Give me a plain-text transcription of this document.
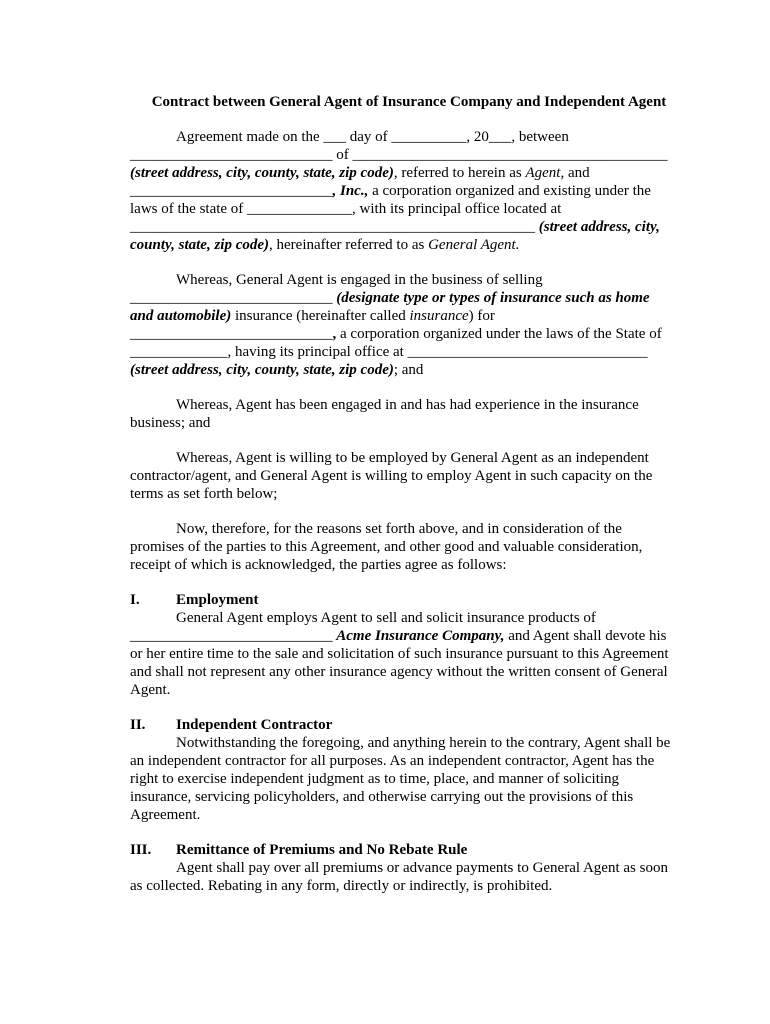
Contract between General Agent of Insurance Company and Independent Agent

Agreement made on the ___ day of __________, 20___, between
___________________________ of __________________________________________
(street address, city, county, state, zip code), referred to herein as Agent, and
___________________________, Inc., a corporation organized and existing under the
laws of the state of ______________, with its principal office located at
______________________________________________________ (street address, city,
county, state, zip code), hereinafter referred to as General Agent.

Whereas, General Agent is engaged in the business of selling
___________________________ (designate type or types of insurance such as home
and automobile) insurance (hereinafter called insurance) for
___________________________, a corporation organized under the laws of the State of
_____________, having its principal office at ________________________________
(street address, city, county, state, zip code); and

Whereas, Agent has been engaged in and has had experience in the insurance
business; and

Whereas, Agent is willing to be employed by General Agent as an independent
contractor/agent, and General Agent is willing to employ Agent in such capacity on the
terms as set forth below;

Now, therefore, for the reasons set forth above, and in consideration of the
promises of the parties to this Agreement, and other good and valuable consideration,
receipt of which is acknowledged, the parties agree as follows:

I. Employment
General Agent employs Agent to sell and solicit insurance products of
___________________________ Acme Insurance Company, and Agent shall devote his
or her entire time to the sale and solicitation of such insurance pursuant to this Agreement
and shall not represent any other insurance agency without the written consent of General
Agent.
II. Independent Contractor
Notwithstanding the foregoing, and anything herein to the contrary, Agent shall be
an independent contractor for all purposes. As an independent contractor, Agent has the
right to exercise independent judgment as to time, place, and manner of soliciting
insurance, servicing policyholders, and otherwise carrying out the provisions of this
Agreement.
III. Remittance of Premiums and No Rebate Rule
Agent shall pay over all premiums or advance payments to General Agent as soon
as collected. Rebating in any form, directly or indirectly, is prohibited.
